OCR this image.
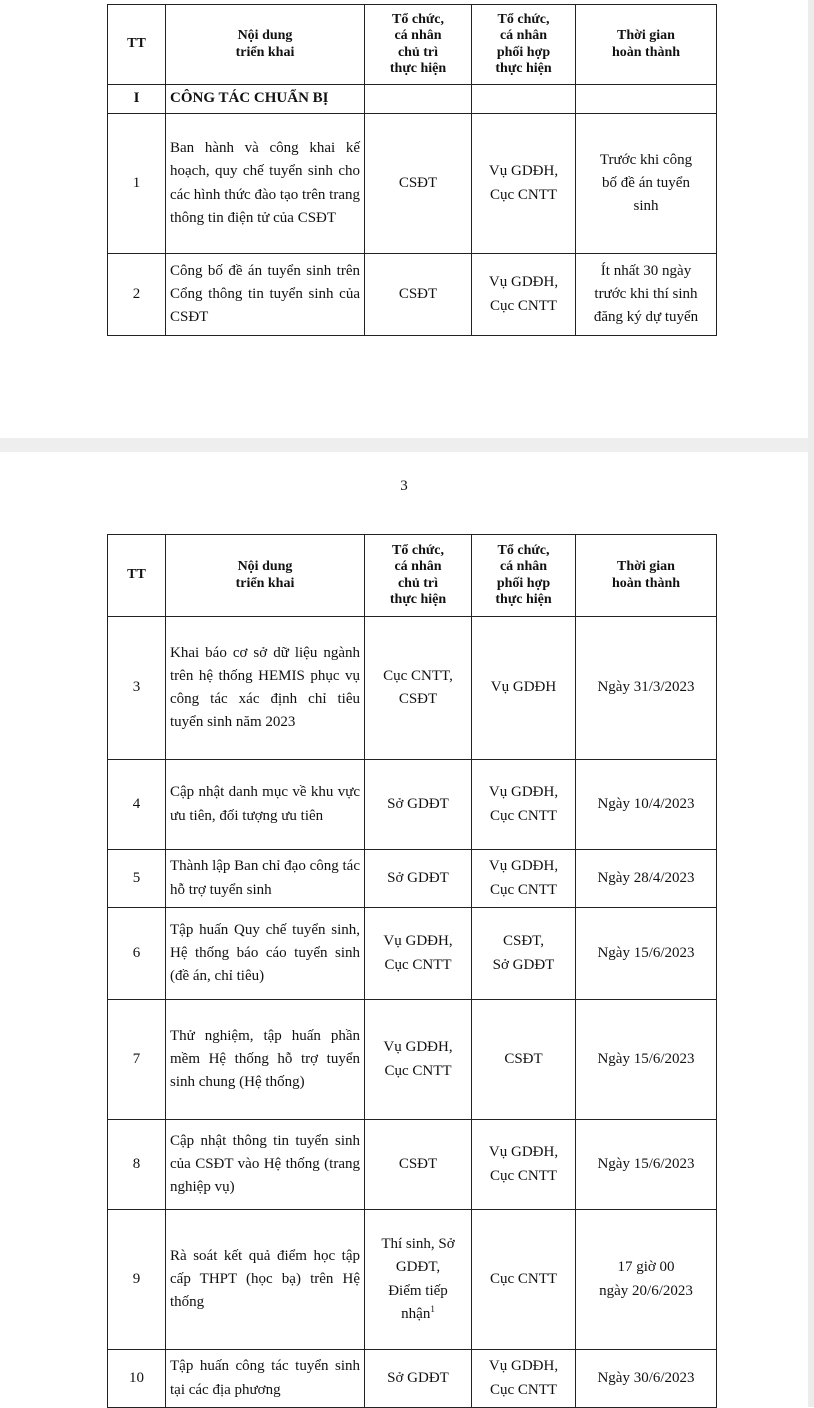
TT	Nội dung
triển khai	Tổ chức,
cá nhân
chủ trì
thực hiện	Tổ chức,
cá nhân
phối hợp
thực hiện	Thời gian
hoàn thành
I	CÔNG TÁC CHUẨN BỊ			
1	Ban hành và công khai kế hoạch, quy chế tuyển sinh cho các hình thức đào tạo trên trang thông tin điện tử của CSĐT	CSĐT	Vụ GDĐH,
Cục CNTT	Trước khi công
bố đề án tuyển
sinh
2	Công bố đề án tuyển sinh trên Cổng thông tin tuyển sinh của CSĐT	CSĐT	Vụ GDĐH,
Cục CNTT	Ít nhất 30 ngày
trước khi thí sinh
đăng ký dự tuyển
3
TT	Nội dung
triển khai	Tổ chức,
cá nhân
chủ trì
thực hiện	Tổ chức,
cá nhân
phối hợp
thực hiện	Thời gian
hoàn thành
3	Khai báo cơ sở dữ liệu ngành trên hệ thống HEMIS phục vụ công tác xác định chỉ tiêu tuyển sinh năm 2023	Cục CNTT,
CSĐT	Vụ GDĐH	Ngày 31/3/2023
4	Cập nhật danh mục về khu vực ưu tiên, đối tượng ưu tiên	Sở GDĐT	Vụ GDĐH,
Cục CNTT	Ngày 10/4/2023
5	Thành lập Ban chỉ đạo công tác hỗ trợ tuyển sinh	Sở GDĐT	Vụ GDĐH,
Cục CNTT	Ngày 28/4/2023
6	Tập huấn Quy chế tuyển sinh, Hệ thống báo cáo tuyển sinh (đề án, chỉ tiêu)	Vụ GDĐH,
Cục CNTT	CSĐT,
Sở GDĐT	Ngày 15/6/2023
7	Thử nghiệm, tập huấn phần mềm Hệ thống hỗ trợ tuyển sinh chung (Hệ thống)	Vụ GDĐH,
Cục CNTT	CSĐT	Ngày 15/6/2023
8	Cập nhật thông tin tuyển sinh của CSĐT vào Hệ thống (trang nghiệp vụ)	CSĐT	Vụ GDĐH,
Cục CNTT	Ngày 15/6/2023
9	Rà soát kết quả điểm học tập cấp THPT (học bạ) trên Hệ thống	Thí sinh, Sở
GDĐT,
Điểm tiếp
nhận$^1$	Cục CNTT	17 giờ 00
ngày 20/6/2023
10	Tập huấn công tác tuyển sinh tại các địa phương	Sở GDĐT	Vụ GDĐH,
Cục CNTT	Ngày 30/6/2023
